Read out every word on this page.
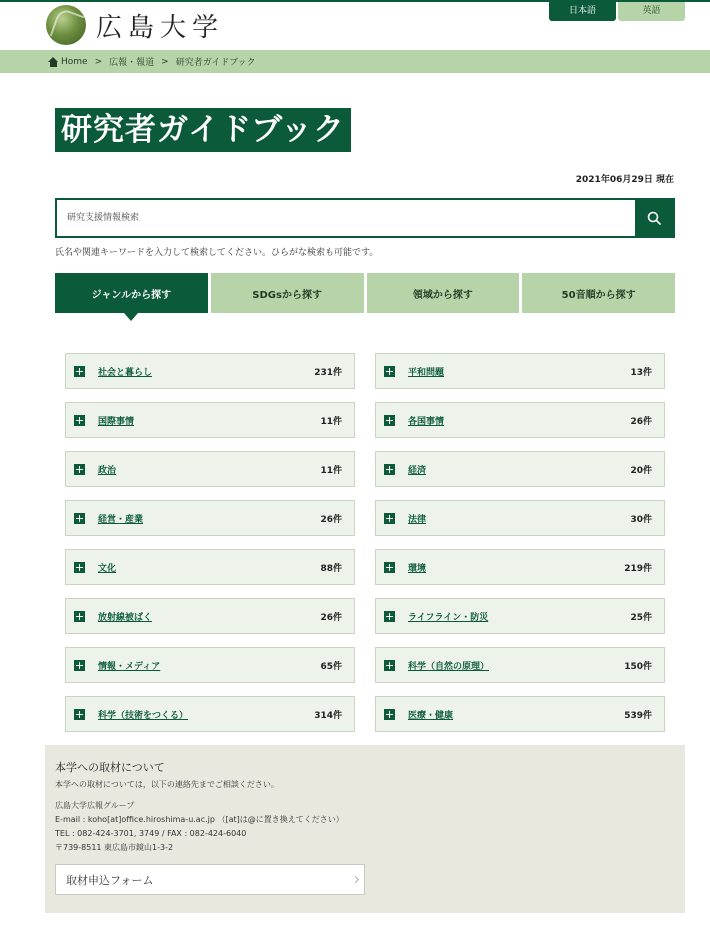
広島大学
日本語	英語
Home > 広報・報道 > 研究者ガイドブック
研究者ガイドブック
2021年06月29日 現在
研究支援情報検索
氏名や関連キーワードを入力して検索してください。ひらがな検索も可能です。
ジャンルから探す	SDGsから探す	領域から探す	50音順から探す
社会と暮らし	231件	平和問題	13件
国際事情	11件	各国事情	26件
政治	11件	経済	20件
経営・産業	26件	法律	30件
文化	88件	環境	219件
放射線被ばく	26件	ライフライン・防災	25件
情報・メディア	65件	科学（自然の原理）	150件
科学（技術をつくる）	314件	医療・健康	539件
本学への取材について
本学への取材については，以下の連絡先までご相談ください。
広島大学広報グループ
E-mail : koho[at]office.hiroshima-u.ac.jp （[at]は@に置き換えてください）
TEL : 082-424-3701, 3749 / FAX : 082-424-6040
〒739-8511 東広島市鏡山1-3-2
取材申込フォーム
